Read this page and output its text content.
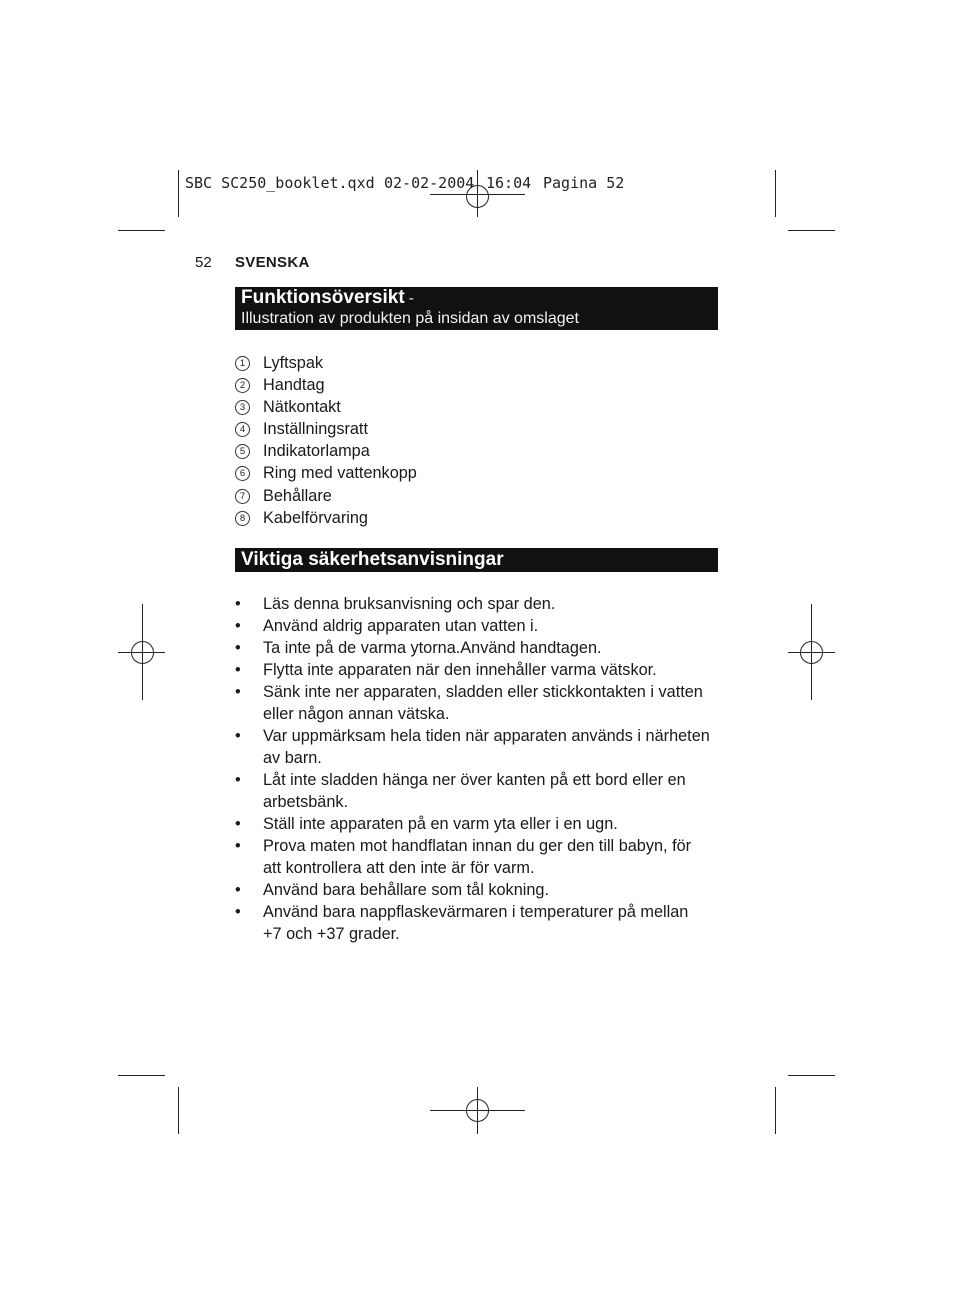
SBC SC250_booklet.qxd 02-02-2004 16:04 Pagina 52
52 SVENSKA
Funktionsöversikt -
Illustration av produkten på insidan av omslaget
1 Lyftspak
2 Handtag
3 Nätkontakt
4 Inställningsratt
5 Indikatorlampa
6 Ring med vattenkopp
7 Behållare
8 Kabelförvaring
Viktiga säkerhetsanvisningar
• Läs denna bruksanvisning och spar den.
• Använd aldrig apparaten utan vatten i.
• Ta inte på de varma ytorna.Använd handtagen.
• Flytta inte apparaten när den innehåller varma vätskor.
• Sänk inte ner apparaten, sladden eller stickkontakten i vatten
eller någon annan vätska.
• Var uppmärksam hela tiden när apparaten används i närheten
av barn.
• Låt inte sladden hänga ner över kanten på ett bord eller en
arbetsbänk.
• Ställ inte apparaten på en varm yta eller i en ugn.
• Prova maten mot handflatan innan du ger den till babyn, för
att kontrollera att den inte är för varm.
• Använd bara behållare som tål kokning.
• Använd bara nappflaskevärmaren i temperaturer på mellan
+7 och +37 grader.
